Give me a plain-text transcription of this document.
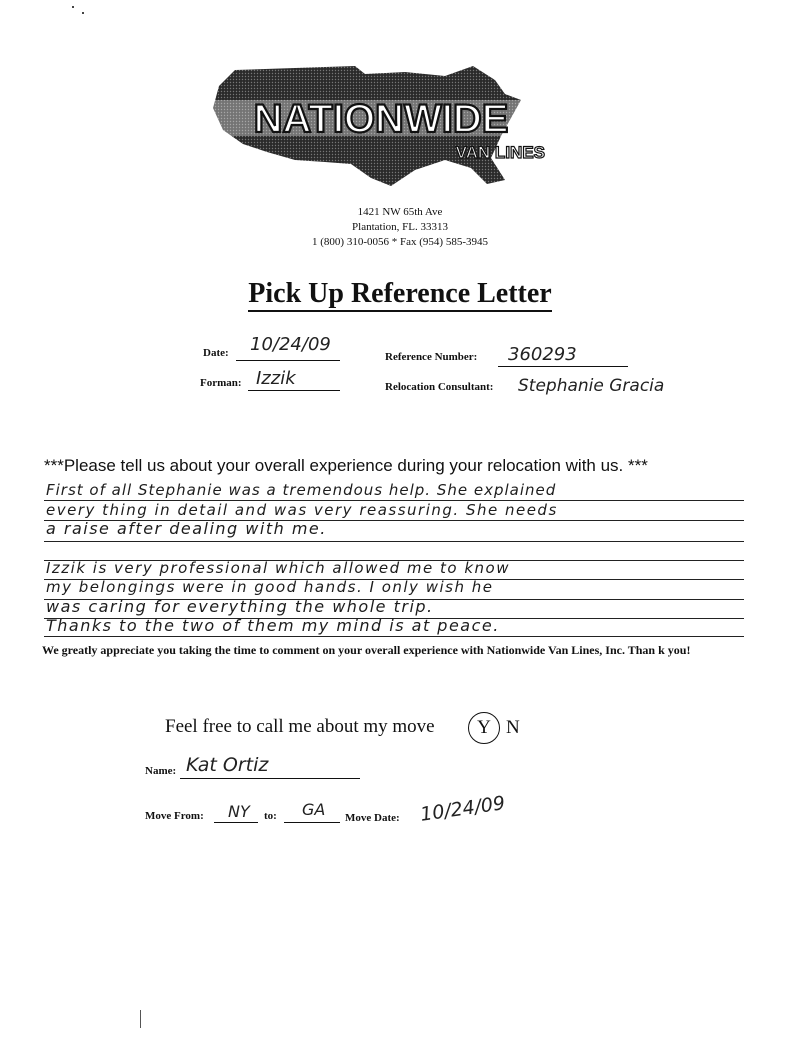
NATIONWIDE
VAN LINES
1421 NW 65th Ave
Plantation, FL. 33313
1 (800) 310-0056 * Fax (954) 585-3945
Pick Up Reference Letter
Date: 10/24/09
Reference Number: 360293
Forman: Izzik	Relocation Consultant: Stephanie Gracia
***Please tell us about your overall experience during your relocation with us. ***
First of all Stephanie was a tremendous help. She explained
every thing in detail and was very reassuring. She needs
a raise after dealing with me.
Izzik is very professional which allowed me to know
my belongings were in good hands. I only wish he
was caring for everything the whole trip.
Thanks to the two of them my mind is at peace.
We greatly appreciate you taking the time to comment on your overall experience with Nationwide Van Lines, Inc. Than k you!
Feel free to call me about my move	Y N
Name: Kat Ortiz
Move From: NY to: GA Move Date: 10/24/09
